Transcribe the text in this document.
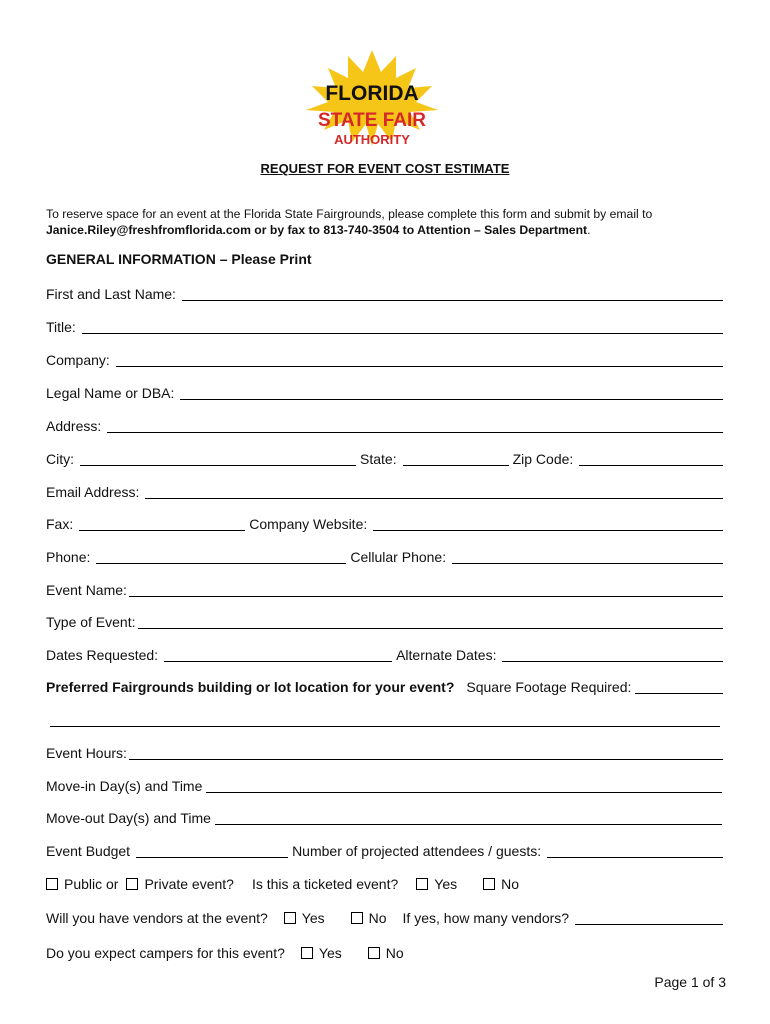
FLORIDA
STATE FAIR
AUTHORITY
REQUEST FOR EVENT COST ESTIMATE
To reserve space for an event at the Florida State Fairgrounds, please complete this form and submit by email to
Janice.Riley@freshfromflorida.com or by fax to 813-740-3504 to Attention – Sales Department.
GENERAL INFORMATION – Please Print
First and Last Name:
Title:
Company:
Legal Name or DBA:
Address:
City:	State:	Zip Code:
Email Address:
Fax:	Company Website:
Phone:	Cellular Phone:
Event Name:
Type of Event:
Dates Requested:	Alternate Dates:
Preferred Fairgrounds building or lot location for your event? Square Footage Required:
Event Hours:
Move-in Day(s) and Time
Move-out Day(s) and Time
Event Budget	Number of projected attendees / guests:
Public or Private event? Is this a ticketed event?	Yes	No
Will you have vendors at the event? Yes	No If yes, how many vendors?
Do you expect campers for this event? Yes	No
Page 1 of 3
